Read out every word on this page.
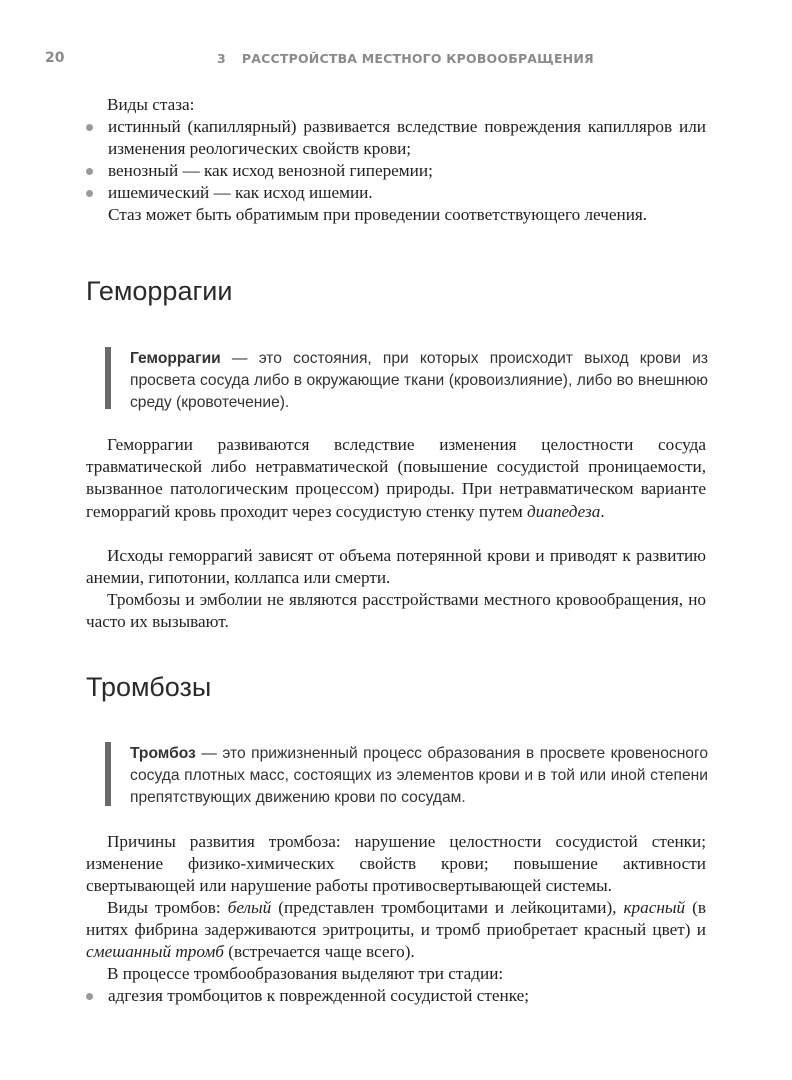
20	3 РАССТРОЙСТВА МЕСТНОГО КРОВООБРАЩЕНИЯ

Виды стаза:

истинный (капиллярный) развивается вследствие повреждения капилляров или изменения реологических свойств крови;

венозный — как исход венозной гиперемии;

ишемический — как исход ишемии.

Стаз может быть обратимым при проведении соответствующего лечения.

Геморрагии

Геморрагии — это состояния, при которых происходит выход крови из просвета сосуда либо в окружающие ткани (кровоизлияние), либо во внешнюю среду (кровотечение).

Геморрагии развиваются вследствие изменения целостности сосуда травматической либо нетравматической (повышение сосудистой проницаемости, вызванное патологическим процессом) природы. При нетравматическом варианте геморрагий кровь проходит через сосудистую стенку путем диапедеза.

Исходы геморрагий зависят от объема потерянной крови и приводят к развитию анемии, гипотонии, коллапса или смерти.

Тромбозы и эмболии не являются расстройствами местного кровообращения, но часто их вызывают.

Тромбозы

Тромбоз — это прижизненный процесс образования в просвете кровеносного сосуда плотных масс, состоящих из элементов крови и в той или иной степени препятствующих движению крови по сосудам.

Причины развития тромбоза: нарушение целостности сосудистой стенки; изменение физико-химических свойств крови; повышение активности свертывающей или нарушение работы противосвертывающей системы.

Виды тромбов: белый (представлен тромбоцитами и лейкоцитами), красный (в нитях фибрина задерживаются эритроциты, и тромб приобретает красный цвет) и смешанный тромб (встречается чаще всего).

В процессе тромбообразования выделяют три стадии:

адгезия тромбоцитов к поврежденной сосудистой стенке;
